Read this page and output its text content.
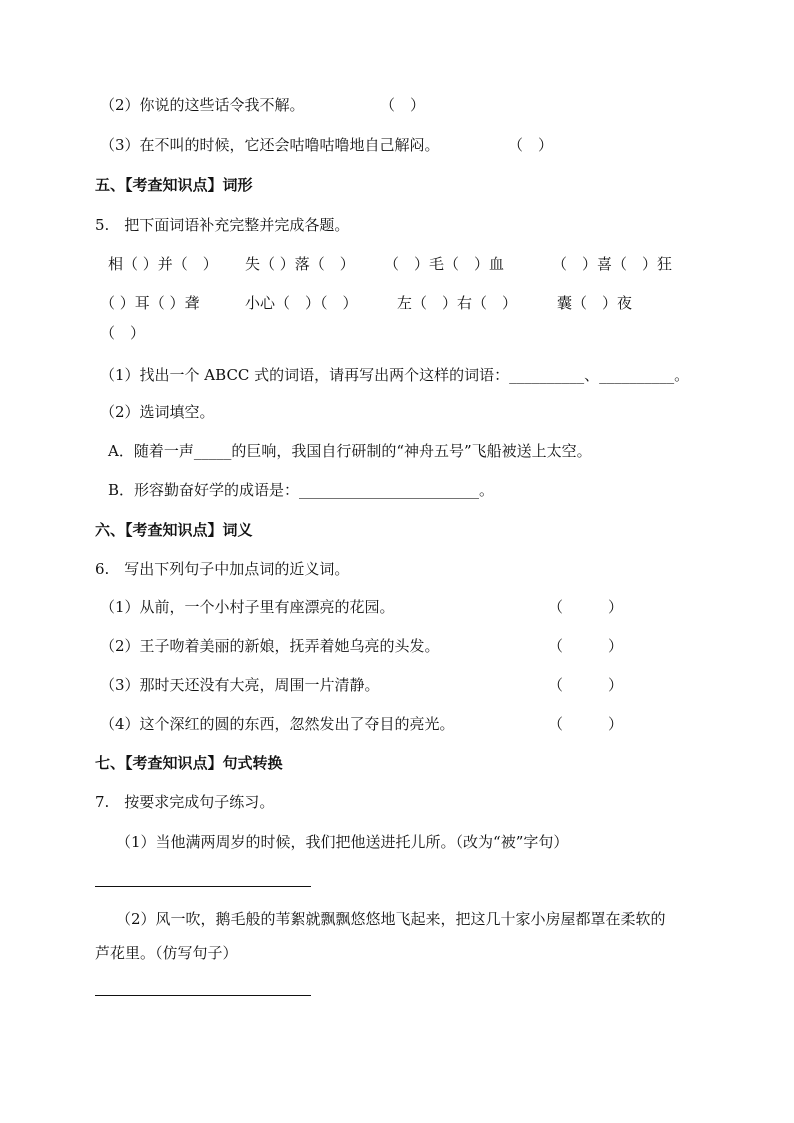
（2）你说的这些话令我不解。	（　）
（3）在不叫的时候，它还会咕噜咕噜地自己解闷。	（　）
五、【考查知识点】词形
5.　把下面词语补充完整并完成各题。
相（ ）并（　） 失（ ）落（　） （　）毛（　）血	（　）喜（　）狂
（ ）耳（ ）聋	小心（　）（　）	左（　）右（　）	囊（　）夜
（　）
（1）找出一个 ABCC 式的词语，请再写出两个这样的词语：__________、__________。
（2）选词填空。
A．随着一声_____的巨响，我国自行研制的“神舟五号”飞船被送上太空。
B．形容勤奋好学的成语是：________________________。
六、【考查知识点】词义
6.　写出下列句子中加点词的近义词。
（1）从前，一个小村子里有座漂亮的花园。	（　　　）
（2）王子吻着美丽的新娘，抚弄着她乌亮的头发。	（　　　）
（3）那时天还没有大亮，周围一片清静。	（　　　）
（4）这个深红的圆的东西，忽然发出了夺目的亮光。	（　　　）
七、【考查知识点】句式转换
7.　按要求完成句子练习。
（1）当他满两周岁的时候，我们把他送进托儿所。（改为“被”字句）
（2）风一吹，鹅毛般的苇絮就飘飘悠悠地飞起来，把这几十家小房屋都罩在柔软的
芦花里。（仿写句子）
